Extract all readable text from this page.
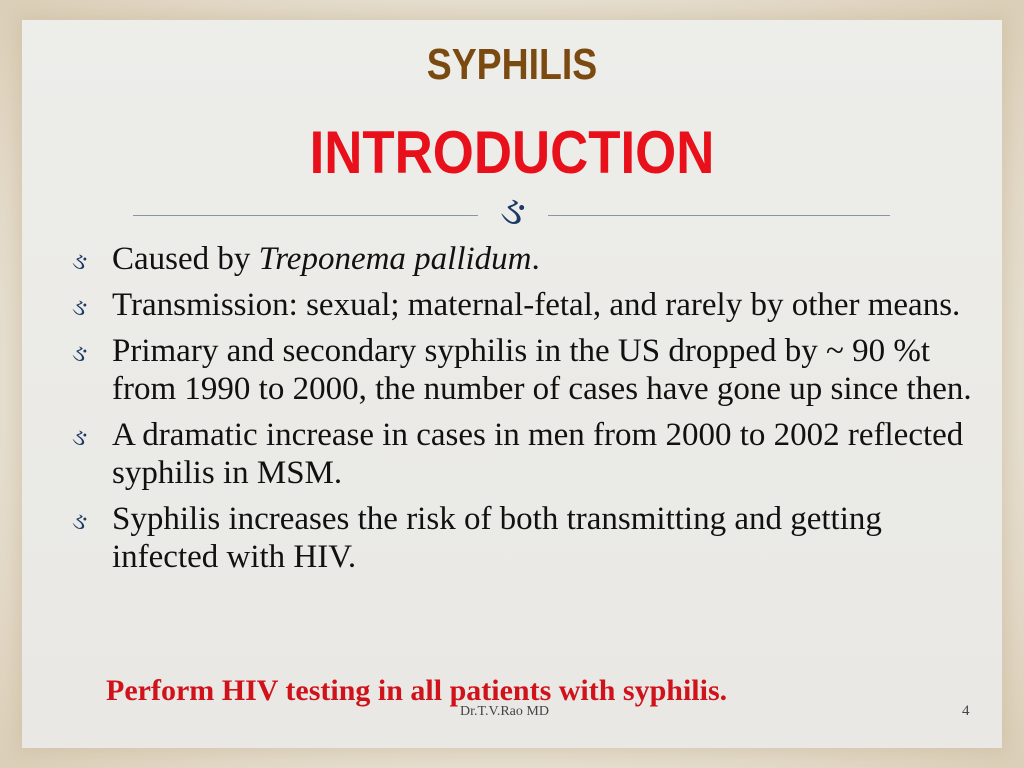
SYPHILIS
INTRODUCTION
ઙ
ઙ Caused by Treponema pallidum.
ઙ Transmission: sexual; maternal-fetal, and rarely by other means.
ઙ Primary and secondary syphilis in the US dropped by ~ 90 %t from 1990 to 2000, the number of cases have gone up since then.
ઙ A dramatic increase in cases in men from 2000 to 2002 reflected syphilis in MSM.
ઙ Syphilis increases the risk of both transmitting and getting infected with HIV.
Perform HIV testing in all patients with syphilis.
Dr.T.V.Rao MD	4
